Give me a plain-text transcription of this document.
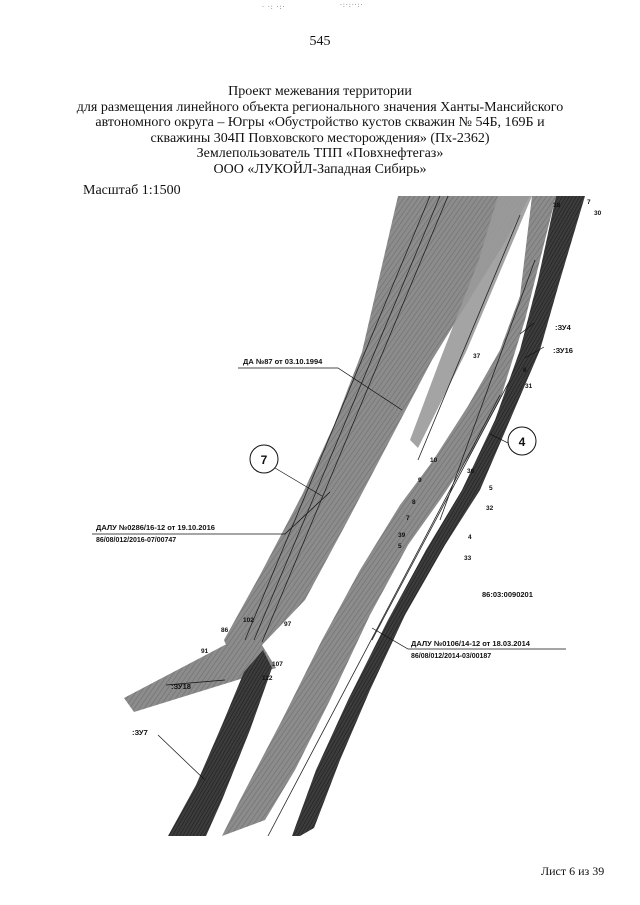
· ·: ·:·	·:·:··:·
545
Проект межевания территории
для размещения линейного объекта регионального значения Ханты-Мансийского
автономного округа – Югры «Обустройство кустов скважин № 54Б, 169Б и
скважины 304П Повховского месторождения» (Пх-2362)
Землепользователь ТПП «Повхнефтегаз»
ООО «ЛУКОЙЛ-Западная Сибирь»
Масштаб 1:1500
ДА №87 от 03.10.1994
ДАЛУ №0286/16-12 от 19.10.2016
86/08/012/2016-07/00747
ДАЛУ №0106/14-12 от 18.03.2014
86/08/012/2014-03/00187
86:03:0090201
7
4
:ЗУ4
:ЗУ16
:ЗУ18
:ЗУ7
7
30
38
37
6
31
10
9
36
5
8
32
7
39	4
5
33
102
86
97
91
107
112
Лист 6 из 39
